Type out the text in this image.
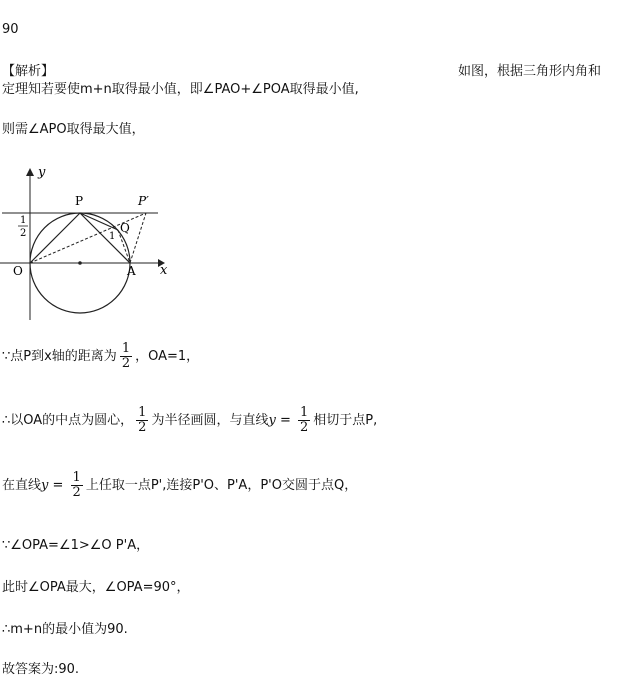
90
【解析】	如图，根据三角形内角和
定理知若要使m+n取得最小值，即∠PAO+∠POA取得最小值,
则需∠APO取得最大值，
y
x
P	P′
Q
1
O	A
1
2
∵点P到x轴的距离为 $\frac{1}{2}$ ，OA=1，
∴以OA的中点为圆心， $\frac{1}{2}$ 为半径画圆，与直线$y = \frac{1}{2}$ 相切于点P,
在直线$y = \frac{1}{2}$ 上任取一点P',连接P'O、P'A，P'O交圆于点Q，
∵∠OPA=∠1>∠O P'A，
此时∠OPA最大，∠OPA=90°，
∴m+n的最小值为90.
故答案为:90.
